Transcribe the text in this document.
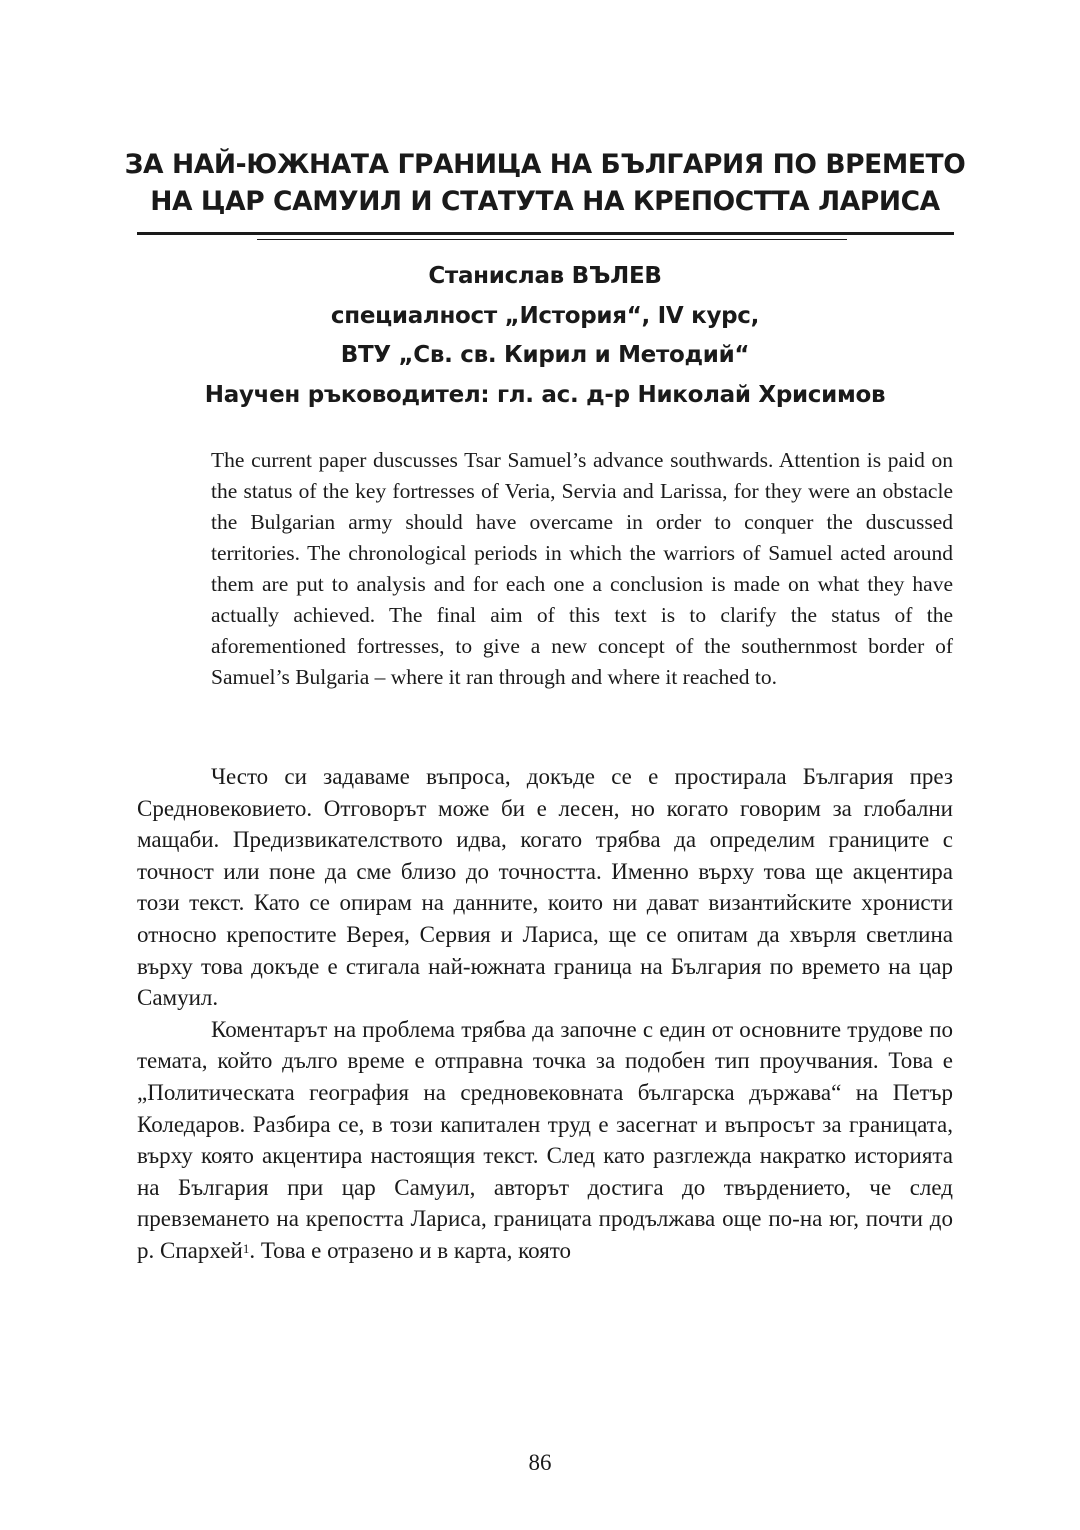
ЗА НАЙ-ЮЖНАТА ГРАНИЦА НА БЪЛГАРИЯ ПО ВРЕМЕТО НА ЦАР САМУИЛ И СТАТУТА НА КРЕПОСТТА ЛАРИСА
Станислав ВЪЛЕВ
специалност „История“, IV курс,
ВТУ „Св. св. Кирил и Методий“
Научен ръководител: гл. ас. д-р Николай Хрисимов

The current paper duscusses Tsar Samuel’s advance southwards. Attention is paid on the status of the key fortresses of Veria, Servia and Larissa, for they were an obstacle the Bulgarian army should have overcame in order to conquer the duscussed territories. The chronological periods in which the warriors of Samuel acted around them are put to analysis and for each one a conclusion is made on what they have actually achieved. The final aim of this text is to clarify the status of the aforementioned fortresses, to give a new concept of the southernmost border of Samuel’s Bulgaria – where it ran through and where it reached to.

Често си задаваме въпроса, докъде се е простирала България през Средновековието. Отговорът може би е лесен, но когато говорим за глобални мащаби. Предизвикателството идва, когато трябва да определим границите с точност или поне да сме близо до точността. Именно върху това ще акцентира този текст. Като се опирам на данните, които ни дават византийските хронисти относно крепостите Верея, Сервия и Лариса, ще се опитам да хвърля светлина върху това докъде е стигала най-южната граница на България по времето на цар Самуил.

Коментарът на проблема трябва да започне с един от основните трудове по темата, който дълго време е отправна точка за подобен тип проучвания. Това е „Политическата география на средновековната българска държава“ на Петър Коледаров. Разбира се, в този капитален труд е засегнат и въпросът за границата, върху която акцентира настоящия текст. След като разглежда накратко историята на България при цар Самуил, авторът достига до твърдението, че след превземането на крепостта Лариса, границата продължава още по-на юг, почти до р. Спархей$^1$. Това е отразено и в карта, която

86
